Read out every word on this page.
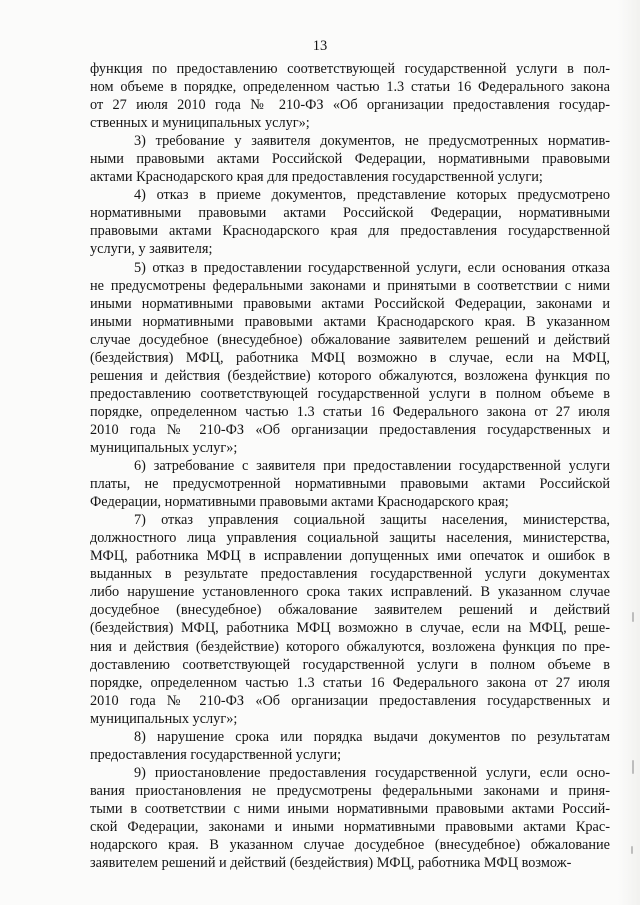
13
функция по предоставлению соответствующей государственной услуги в пол-
ном объеме в порядке, определенном частью 1.3 статьи 16 Федерального закона
от 27 июля 2010 года № 210-ФЗ «Об организации предоставления государ-
ственных и муниципальных услуг»;
3) требование у заявителя документов, не предусмотренных норматив-
ными правовыми актами Российской Федерации, нормативными правовыми
актами Краснодарского края для предоставления государственной услуги;
4) отказ в приеме документов, представление которых предусмотрено
нормативными правовыми актами Российской Федерации, нормативными
правовыми актами Краснодарского края для предоставления государственной
услуги, у заявителя;
5) отказ в предоставлении государственной услуги, если основания отказа
не предусмотрены федеральными законами и принятыми в соответствии с ними
иными нормативными правовыми актами Российской Федерации, законами и
иными нормативными правовыми актами Краснодарского края. В указанном
случае досудебное (внесудебное) обжалование заявителем решений и действий
(бездействия) МФЦ, работника МФЦ возможно в случае, если на МФЦ,
решения и действия (бездействие) которого обжалуются, возложена функция по
предоставлению соответствующей государственной услуги в полном объеме в
порядке, определенном частью 1.3 статьи 16 Федерального закона от 27 июля
2010 года № 210-ФЗ «Об организации предоставления государственных и
муниципальных услуг»;
6) затребование с заявителя при предоставлении государственной услуги
платы, не предусмотренной нормативными правовыми актами Российской
Федерации, нормативными правовыми актами Краснодарского края;
7) отказ управления социальной защиты населения, министерства,
должностного лица управления социальной защиты населения, министерства,
МФЦ, работника МФЦ в исправлении допущенных ими опечаток и ошибок в
выданных в результате предоставления государственной услуги документах
либо нарушение установленного срока таких исправлений. В указанном случае
досудебное (внесудебное) обжалование заявителем решений и действий
(бездействия) МФЦ, работника МФЦ возможно в случае, если на МФЦ, реше-
ния и действия (бездействие) которого обжалуются, возложена функция по пре-
доставлению соответствующей государственной услуги в полном объеме в
порядке, определенном частью 1.3 статьи 16 Федерального закона от 27 июля
2010 года № 210-ФЗ «Об организации предоставления государственных и
муниципальных услуг»;
8) нарушение срока или порядка выдачи документов по результатам
предоставления государственной услуги;
9) приостановление предоставления государственной услуги, если осно-
вания приостановления не предусмотрены федеральными законами и приня-
тыми в соответствии с ними иными нормативными правовыми актами Россий-
ской Федерации, законами и иными нормативными правовыми актами Крас-
нодарского края. В указанном случае досудебное (внесудебное) обжалование
заявителем решений и действий (бездействия) МФЦ, работника МФЦ возмож-
